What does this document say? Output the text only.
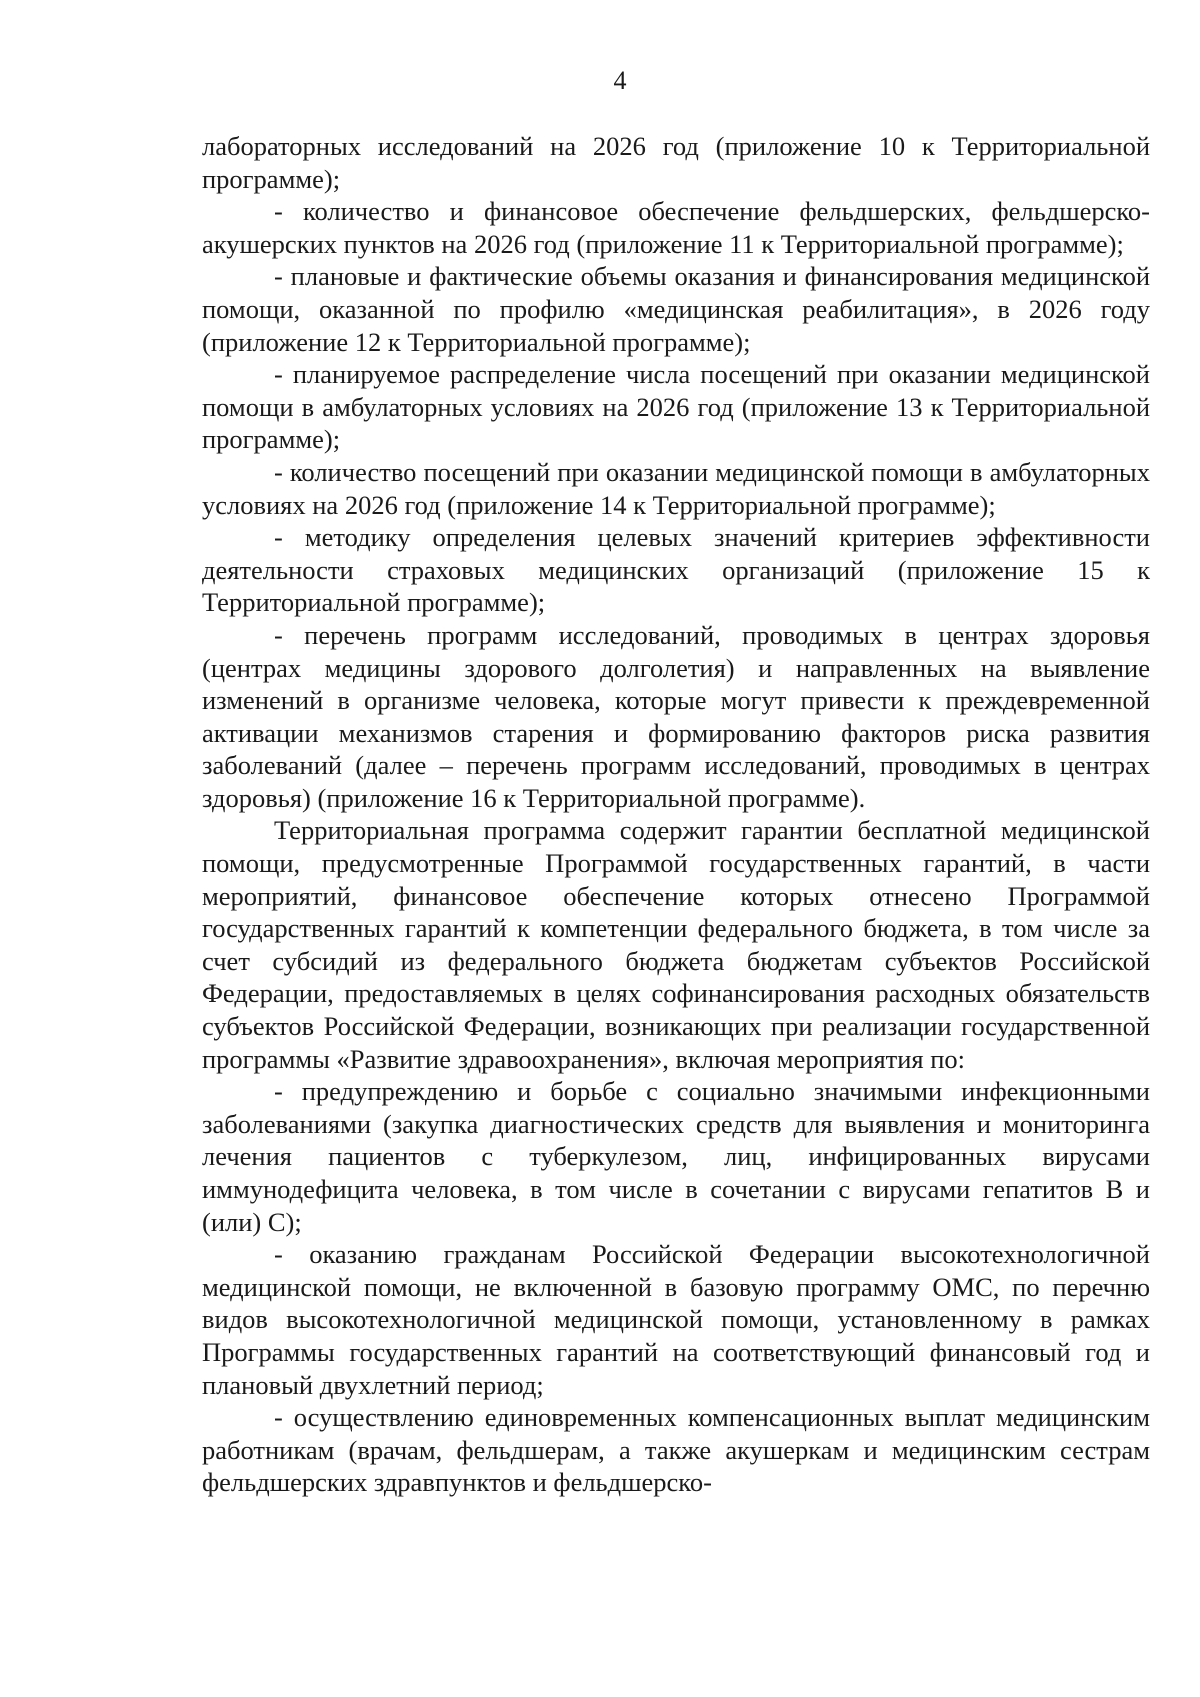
4

лабораторных исследований на 2026 год (приложение 10 к Территориальной программе);

- количество и финансовое обеспечение фельдшерских, фельдшерско-акушерских пунктов на 2026 год (приложение 11 к Территориальной программе);

- плановые и фактические объемы оказания и финансирования медицинской помощи, оказанной по профилю «медицинская реабилитация», в 2026 году (приложение 12 к Территориальной программе);

- планируемое распределение числа посещений при оказании медицинской помощи в амбулаторных условиях на 2026 год (приложение 13 к Территориальной программе);

- количество посещений при оказании медицинской помощи в амбулаторных условиях на 2026 год (приложение 14 к Территориальной программе);

- методику определения целевых значений критериев эффективности деятельности страховых медицинских организаций (приложение 15 к Территориальной программе);

- перечень программ исследований, проводимых в центрах здоровья (центрах медицины здорового долголетия) и направленных на выявление изменений в организме человека, которые могут привести к преждевременной активации механизмов старения и формированию факторов риска развития заболеваний (далее – перечень программ исследований, проводимых в центрах здоровья) (приложение 16 к Территориальной программе).

Территориальная программа содержит гарантии бесплатной медицинской помощи, предусмотренные Программой государственных гарантий, в части мероприятий, финансовое обеспечение которых отнесено Программой государственных гарантий к компетенции федерального бюджета, в том числе за счет субсидий из федерального бюджета бюджетам субъектов Российской Федерации, предоставляемых в целях софинансирования расходных обязательств субъектов Российской Федерации, возникающих при реализации государственной программы «Развитие здравоохранения», включая мероприятия по:

- предупреждению и борьбе с социально значимыми инфекционными заболеваниями (закупка диагностических средств для выявления и мониторинга лечения пациентов с туберкулезом, лиц, инфицированных вирусами иммунодефицита человека, в том числе в сочетании с вирусами гепатитов B и (или) C);

- оказанию гражданам Российской Федерации высокотехнологичной медицинской помощи, не включенной в базовую программу ОМС, по перечню видов высокотехнологичной медицинской помощи, установленному в рамках Программы государственных гарантий на соответствующий финансовый год и плановый двухлетний период;

- осуществлению единовременных компенсационных выплат медицинским работникам (врачам, фельдшерам, а также акушеркам и медицинским сестрам фельдшерских здравпунктов и фельдшерско-
